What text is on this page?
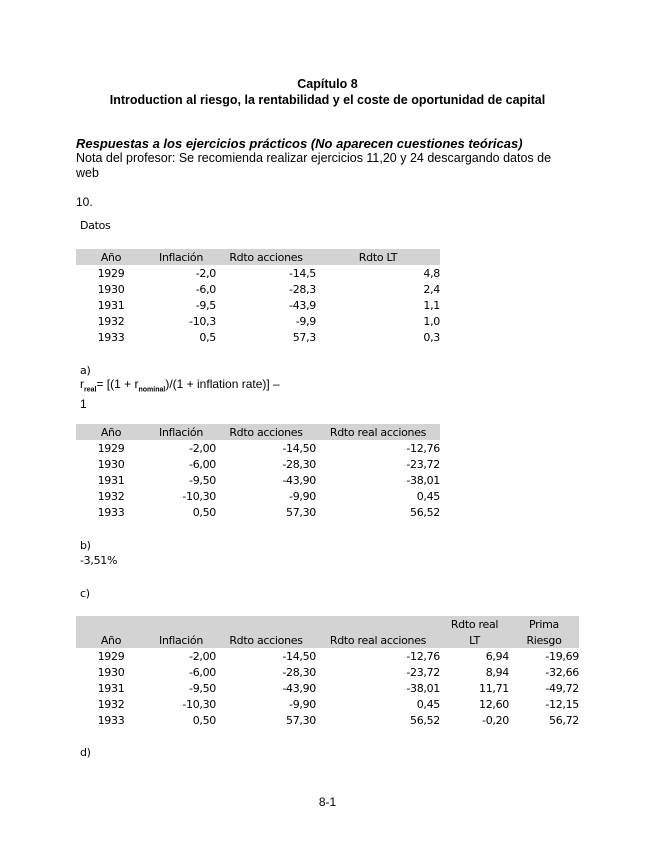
Capítulo 8
Introduction al riesgo, la rentabilidad y el coste de oportunidad de capital
Respuestas a los ejercicios prácticos (No aparecen cuestiones teóricas)
Nota del profesor: Se recomienda realizar ejercicios 11,20 y 24 descargando datos de web
10.
Datos
Año	Inflación	Rdto acciones	Rdto LT
1929	-2,0	-14,5	4,8
1930	-6,0	-28,3	2,4
1931	-9,5	-43,9	1,1
1932	-10,3	-9,9	1,0
1933	0,5	57,3	0,3
a)
$r_{real}= [(1 + r_{nominal})/(1$ + inflation rate)] –
1
Año	Inflación	Rdto acciones	Rdto real acciones
1929	-2,00	-14,50	-12,76
1930	-6,00	-28,30	-23,72
1931	-9,50	-43,90	-38,01
1932	-10,30	-9,90	0,45
1933	0,50	57,30	56,52
b)
-3,51%
c)
				Rdto real	Prima
Año	Inflación	Rdto acciones	Rdto real acciones	LT	Riesgo
1929	-2,00	-14,50	-12,76	6,94	-19,69
1930	-6,00	-28,30	-23,72	8,94	-32,66
1931	-9,50	-43,90	-38,01	11,71	-49,72
1932	-10,30	-9,90	0,45	12,60	-12,15
1933	0,50	57,30	56,52	-0,20	56,72
d)
8-1
